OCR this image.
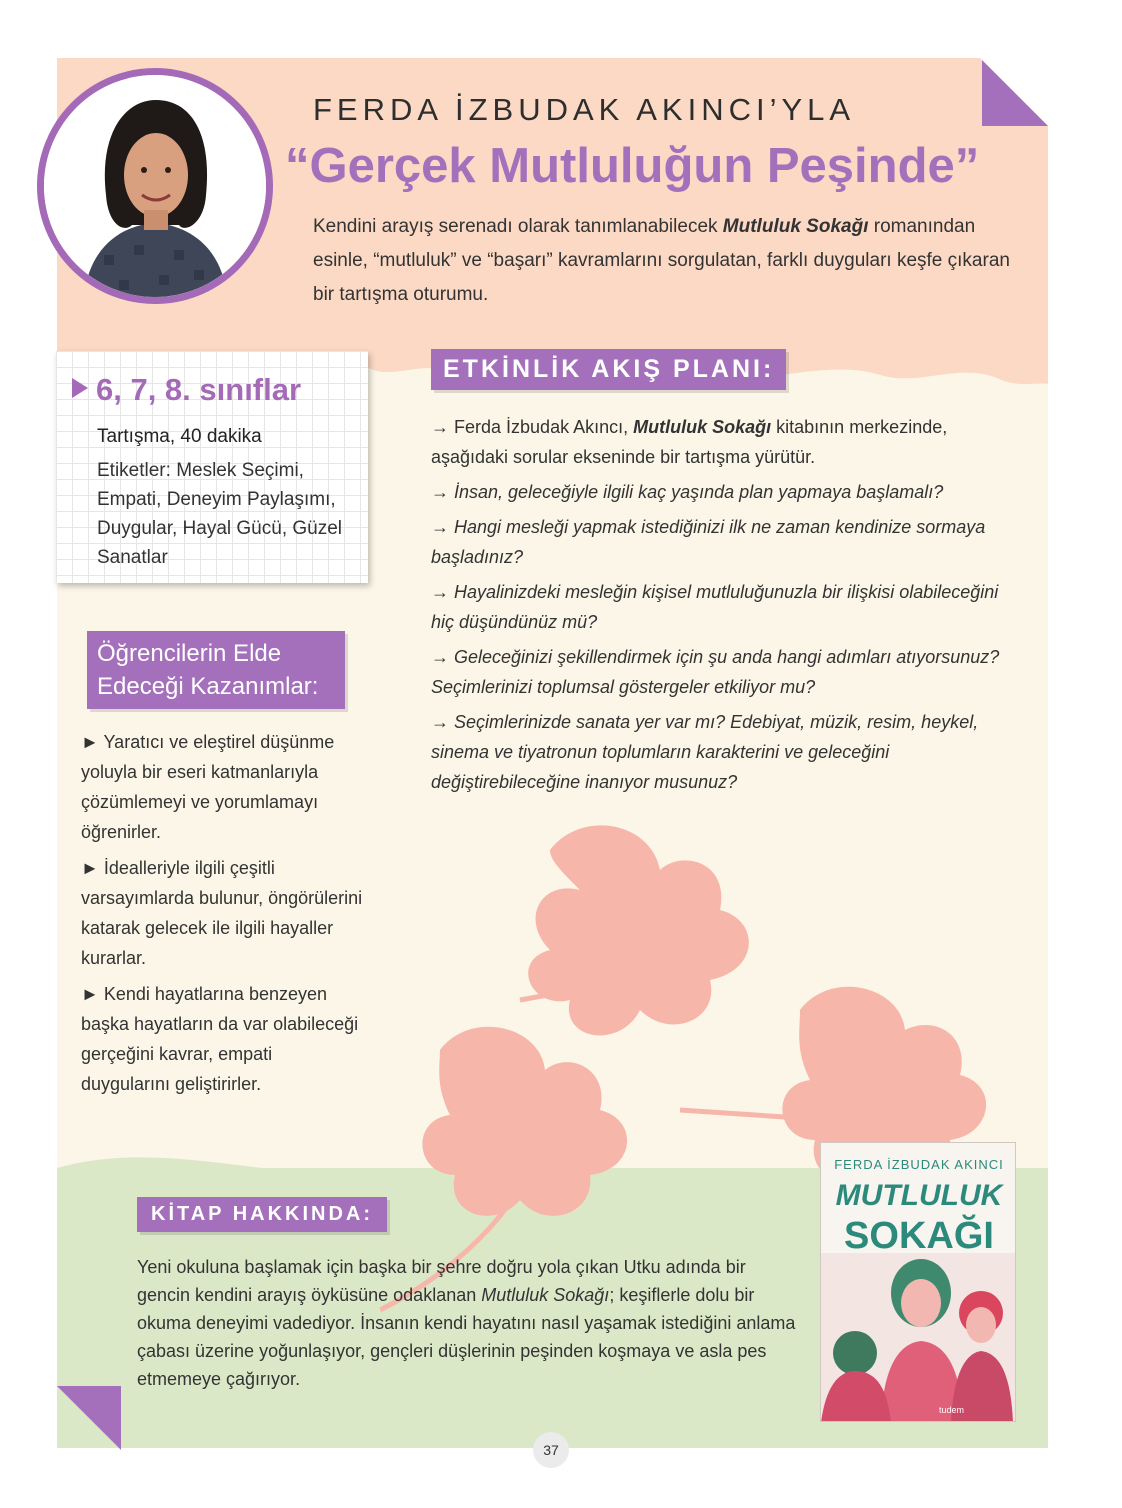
FERDA İZBUDAK AKINCI’YLA
“Gerçek Mutluluğun Peşinde”
Kendini arayış serenadı olarak tanımlanabilecek Mutluluk Sokağı romanından esinle, “mutluluk” ve “başarı” kavramlarını sorgulatan, farklı duyguları keşfe çıkaran bir tartışma oturumu.
6, 7, 8. sınıflar
Tartışma, 40 dakika
Etiketler: Meslek Seçimi, Empati, Deneyim Paylaşımı, Duygular, Hayal Gücü, Güzel Sanatlar
Öğrencilerin Elde Edeceği Kazanımlar:

► Yaratıcı ve eleştirel düşünme yoluyla bir eseri katmanlarıyla çözümlemeyi ve yorumlamayı öğrenirler.

► İdealleriyle ilgili çeşitli varsayımlarda bulunur, öngörülerini katarak gelecek ile ilgili hayaller kurarlar.

► Kendi hayatlarına benzeyen başka hayatların da var olabileceği gerçeğini kavrar, empati duygularını geliştirirler.

ETKİNLİK AKIŞ PLANI:

→ Ferda İzbudak Akıncı, Mutluluk Sokağı kitabının merkezinde, aşağıdaki sorular ekseninde bir tartışma yürütür.

→ İnsan, geleceğiyle ilgili kaç yaşında plan yapmaya başlamalı?

→ Hangi mesleği yapmak istediğinizi ilk ne zaman kendinize sormaya başladınız?

→ Hayalinizdeki mesleğin kişisel mutluluğunuzla bir ilişkisi olabileceğini hiç düşündünüz mü?

→ Geleceğinizi şekillendirmek için şu anda hangi adımları atıyorsunuz? Seçimlerinizi toplumsal göstergeler etkiliyor mu?

→ Seçimlerinizde sanata yer var mı? Edebiyat, müzik, resim, heykel, sinema ve tiyatronun toplumların karakterini ve geleceğini değiştirebileceğine inanıyor musunuz?

KİTAP HAKKINDA:
Yeni okuluna başlamak için başka bir şehre doğru yola çıkan Utku adında bir gencin kendini arayış öyküsüne odaklanan Mutluluk Sokağı; keşiflerle dolu bir okuma deneyimi vadediyor. İnsanın kendi hayatını nasıl yaşamak istediğini anlama çabası üzerine yoğunlaşıyor, gençleri düşlerinin peşinden koşmaya ve asla pes etmemeye çağırıyor.
FERDA İZBUDAK AKINCI
MUTLULUK
SOKAĞI
tudem
37
